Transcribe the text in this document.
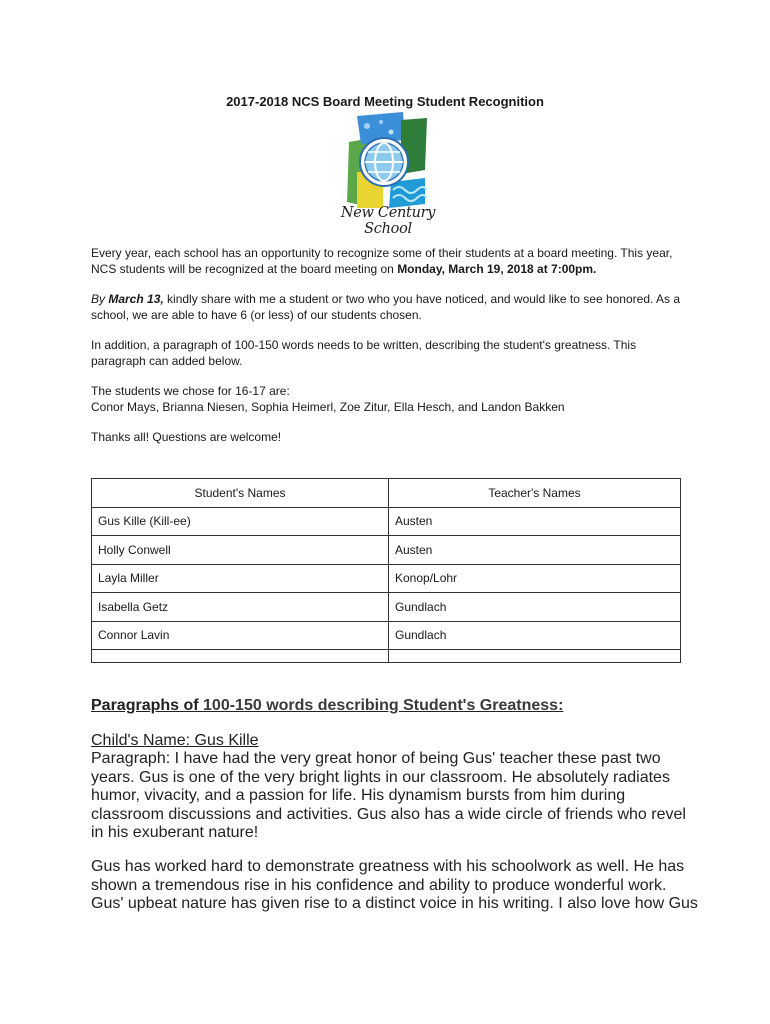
2017-2018 NCS Board Meeting Student Recognition
New Century School
Every year, each school has an opportunity to recognize some of their students at a board meeting. This year, NCS students will be recognized at the board meeting on Monday, March 19, 2018 at 7:00pm.
By March 13, kindly share with me a student or two who you have noticed, and would like to see honored. As a school, we are able to have 6 (or less) of our students chosen.
In addition, a paragraph of 100-150 words needs to be written, describing the student's greatness. This paragraph can added below.
The students we chose for 16-17 are:
Conor Mays, Brianna Niesen, Sophia Heimerl, Zoe Zitur, Ella Hesch, and Landon Bakken
Thanks all! Questions are welcome!
Student's Names	Teacher's Names
Gus Kille (Kill-ee)	Austen
Holly Conwell	Austen
Layla Miller	Konop/Lohr
Isabella Getz	Gundlach
Connor Lavin	Gundlach

Paragraphs of 100-150 words describing Student's Greatness:
Child's Name: Gus Kille
Paragraph: I have had the very great honor of being Gus' teacher these past two years. Gus is one of the very bright lights in our classroom. He absolutely radiates humor, vivacity, and a passion for life. His dynamism bursts from him during classroom discussions and activities. Gus also has a wide circle of friends who revel in his exuberant nature!
Gus has worked hard to demonstrate greatness with his schoolwork as well. He has shown a tremendous rise in his confidence and ability to produce wonderful work. Gus' upbeat nature has given rise to a distinct voice in his writing. I also love how Gus
